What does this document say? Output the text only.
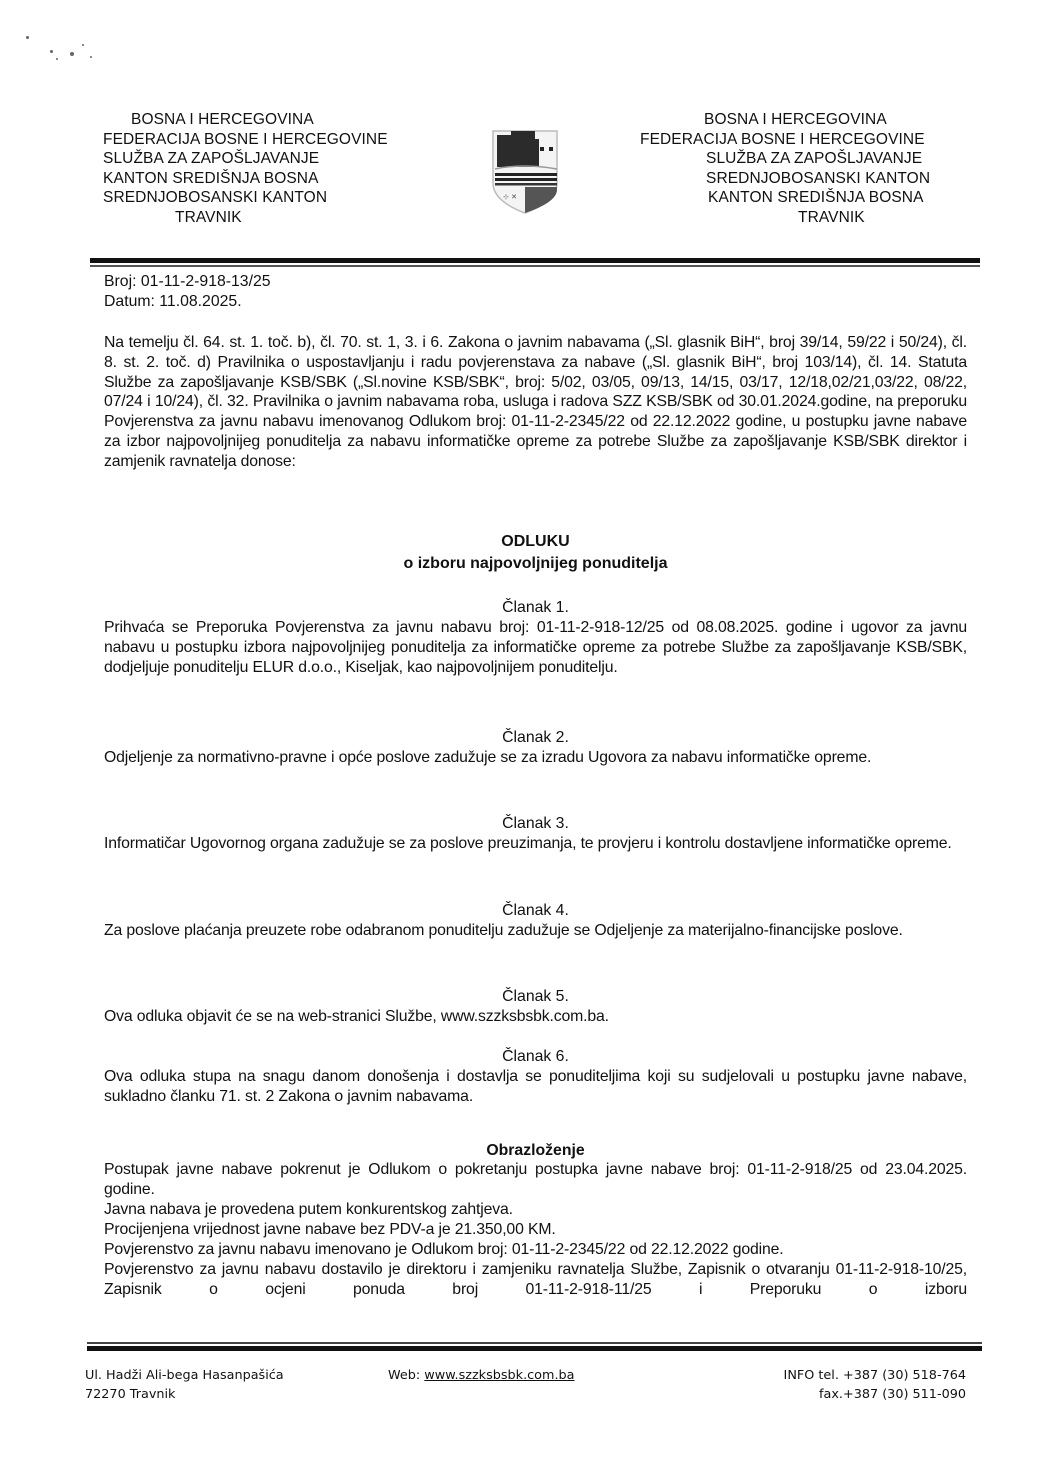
BOSNA I HERCEGOVINA
FEDERACIJA BOSNE I HERCEGOVINE
SLUŽBA ZA ZAPOŠLJAVANJE
KANTON SREDIŠNJA BOSNA
SREDNJOBOSANSKI KANTON
TRAVNIK
⊹ ✕
BOSNA I HERCEGOVINA
FEDERACIJA BOSNE I HERCEGOVINE
SLUŽBA ZA ZAPOŠLJAVANJE
SREDNJOBOSANSKI KANTON
KANTON SREDIŠNJA BOSNA
TRAVNIK
Broj: 01-11-2-918-13/25
Datum: 11.08.2025.
Na temelju čl. 64. st. 1. toč. b), čl. 70. st. 1, 3. i 6. Zakona o javnim nabavama („Sl. glasnik BiH“, broj 39/14, 59/22 i 50/24), čl. 8. st. 2. toč. d) Pravilnika o uspostavljanju i radu povjerenstava za nabave („Sl. glasnik BiH“, broj 103/14), čl. 14. Statuta Službe za zapošljavanje KSB/SBK („Sl.novine KSB/SBK“, broj: 5/02, 03/05, 09/13, 14/15, 03/17, 12/18,02/21,03/22, 08/22, 07/24 i 10/24), čl. 32. Pravilnika o javnim nabavama roba, usluga i radova SZZ KSB/SBK od 30.01.2024.godine, na preporuku Povjerenstva za javnu nabavu imenovanog Odlukom broj: 01-11-2-2345/22 od 22.12.2022 godine, u postupku javne nabave za izbor najpovoljnijeg ponuditelja za nabavu informatičke opreme za potrebe Službe za zapošljavanje KSB/SBK direktor i zamjenik ravnatelja donose:
ODLUKU
o izboru najpovoljnijeg ponuditelja
Članak 1.
Prihvaća se Preporuka Povjerenstva za javnu nabavu broj: 01-11-2-918-12/25 od 08.08.2025. godine i ugovor za javnu nabavu u postupku izbora najpovoljnijeg ponuditelja za informatičke opreme za potrebe Službe za zapošljavanje KSB/SBK, dodjeljuje ponuditelju ELUR d.o.o., Kiseljak, kao najpovoljnijem ponuditelju.
Članak 2.
Odjeljenje za normativno-pravne i opće poslove zadužuje se za izradu Ugovora za nabavu informatičke opreme.
Članak 3.
Informatičar Ugovornog organa zadužuje se za poslove preuzimanja, te provjeru i kontrolu dostavljene informatičke opreme.
Članak 4.
Za poslove plaćanja preuzete robe odabranom ponuditelju zadužuje se Odjeljenje za materijalno-financijske poslove.
Članak 5.
Ova odluka objavit će se na web-stranici Službe, www.szzksbsbk.com.ba.
Članak 6.
Ova odluka stupa na snagu danom donošenja i dostavlja se ponuditeljima koji su sudjelovali u postupku javne nabave, sukladno članku 71. st. 2 Zakona o javnim nabavama.
Obrazloženje
Postupak javne nabave pokrenut je Odlukom o pokretanju postupka javne nabave broj: 01-11-2-918/25 od 23.04.2025. godine.
Javna nabava je provedena putem konkurentskog zahtjeva.
Procijenjena vrijednost javne nabave bez PDV-a je 21.350,00 KM.
Povjerenstvo za javnu nabavu imenovano je Odlukom broj: 01-11-2-2345/22 od 22.12.2022 godine.
Povjerenstvo za javnu nabavu dostavilo je direktoru i zamjeniku ravnatelja Službe, Zapisnik o otvaranju 01-11-2-918-10/25, Zapisnik o ocjeni ponuda broj 01-11-2-918-11/25 i Preporuku o izboru
Ul. Hadži Ali-bega Hasanpašića
72270 Travnik
Web: www.szzksbsbk.com.ba	INFO tel. +387 (30) 518-764
fax.+387 (30) 511-090
